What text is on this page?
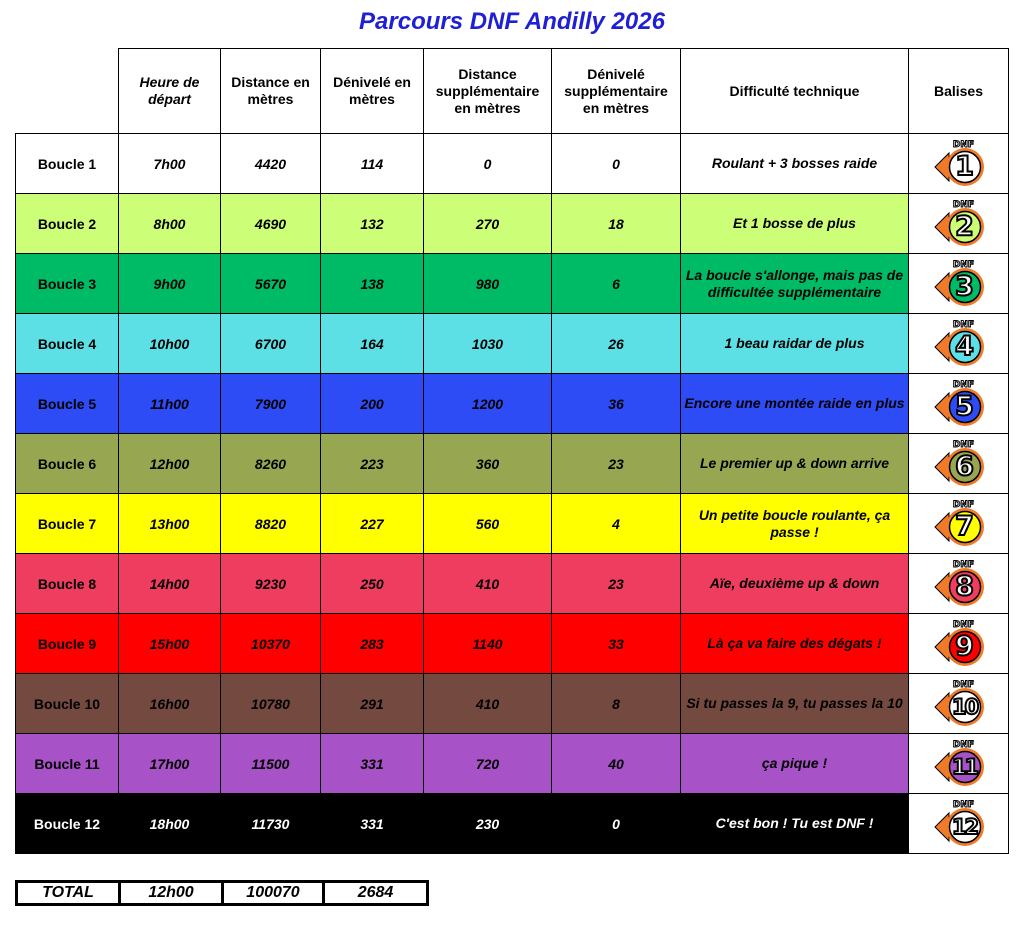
Parcours DNF Andilly 2026
	Heure de départ	Distance en mètres	Dénivelé en mètres	Distance supplémentaire en mètres	Dénivelé supplémentaire en mètres	Difficulté technique	Balises
Boucle 1	7h00	4420	114	0	0	Roulant + 3 bosses raide	DNF
1

Boucle 2	8h00	4690	132	270	18	Et 1 bosse de plus	DNF
2

Boucle 3	9h00	5670	138	980	6	La boucle s'allonge, mais pas de difficultée supplémentaire	DNF
3

Boucle 4	10h00	6700	164	1030	26	1 beau raidar de plus	DNF
4

Boucle 5	11h00	7900	200	1200	36	Encore une montée raide en plus	DNF
5

Boucle 6	12h00	8260	223	360	23	Le premier up & down arrive	DNF
6

Boucle 7	13h00	8820	227	560	4	Un petite boucle roulante, ça passe !	DNF
7

Boucle 8	14h00	9230	250	410	23	Aïe, deuxième up & down	DNF
8

Boucle 9	15h00	10370	283	1140	33	Là ça va faire des dégats !	DNF
9

Boucle 10	16h00	10780	291	410	8	Si tu passes la 9, tu passes la 10	DNF
10

Boucle 11	17h00	11500	331	720	40	ça pique !	DNF
11

Boucle 12	18h00	11730	331	230	0	C'est bon ! Tu est DNF !	DNF
12
TOTAL	12h00	100070	2684
